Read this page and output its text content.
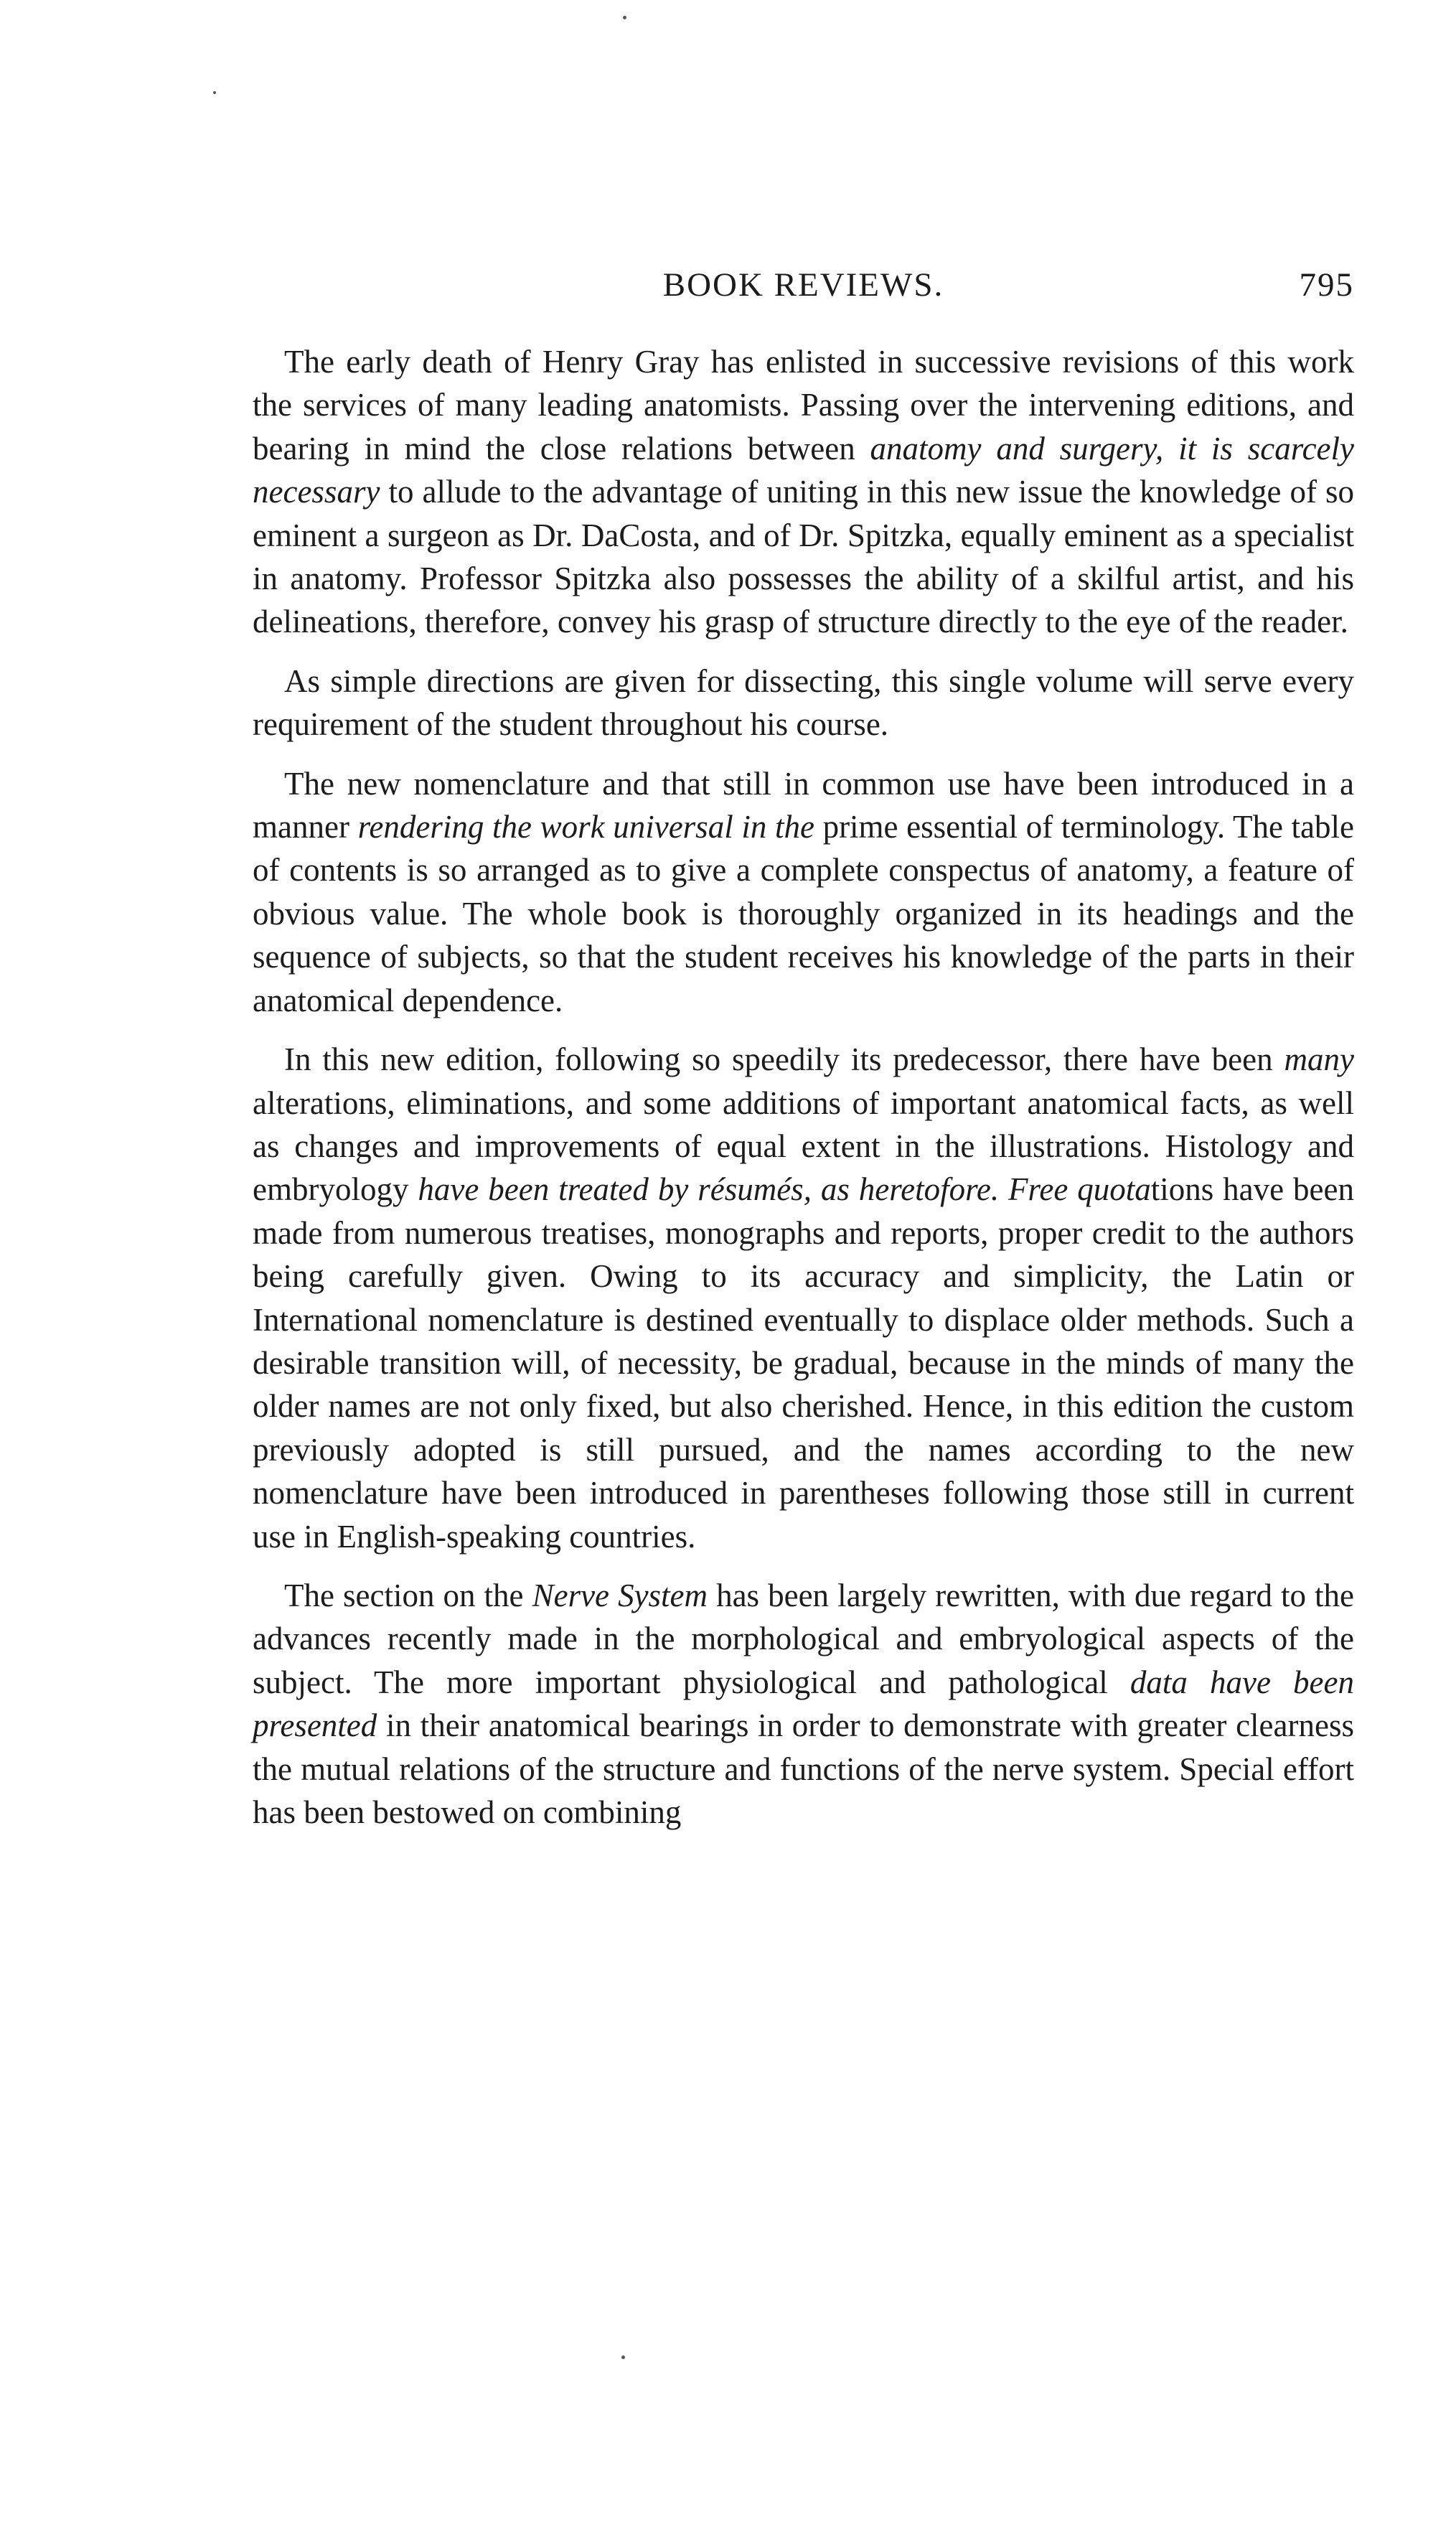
BOOK REVIEWS.	795

The early death of Henry Gray has enlisted in successive revisions of this work the services of many leading anatomists. Passing over the intervening editions, and bearing in mind the close relations between anatomy and surgery, it is scarcely necessary to allude to the advantage of uniting in this new issue the knowledge of so eminent a surgeon as Dr. DaCosta, and of Dr. Spitzka, equally eminent as a specialist in anatomy. Professor Spitzka also possesses the ability of a skilful artist, and his delineations, therefore, convey his grasp of structure directly to the eye of the reader.

As simple directions are given for dissecting, this single volume will serve every requirement of the student throughout his course.

The new nomenclature and that still in common use have been introduced in a manner rendering the work universal in the prime essential of terminology. The table of contents is so arranged as to give a complete conspectus of anatomy, a feature of obvious value. The whole book is thoroughly organized in its headings and the sequence of subjects, so that the student receives his knowledge of the parts in their anatomical dependence.

In this new edition, following so speedily its predecessor, there have been many alterations, eliminations, and some additions of important anatomical facts, as well as changes and improvements of equal extent in the illustrations. Histology and embryology have been treated by résumés, as heretofore. Free quotations have been made from numerous treatises, monographs and reports, proper credit to the authors being carefully given. Owing to its accuracy and simplicity, the Latin or International nomenclature is destined eventually to displace older methods. Such a desirable transition will, of necessity, be gradual, because in the minds of many the older names are not only fixed, but also cherished. Hence, in this edition the custom previously adopted is still pursued, and the names according to the new nomenclature have been introduced in parentheses following those still in current use in English-speaking countries.

The section on the Nerve System has been largely rewritten, with due regard to the advances recently made in the morphological and embryological aspects of the subject. The more important physiological and pathological data have been presented in their anatomical bearings in order to demonstrate with greater clearness the mutual relations of the structure and functions of the nerve system. Special effort has been bestowed on combining
